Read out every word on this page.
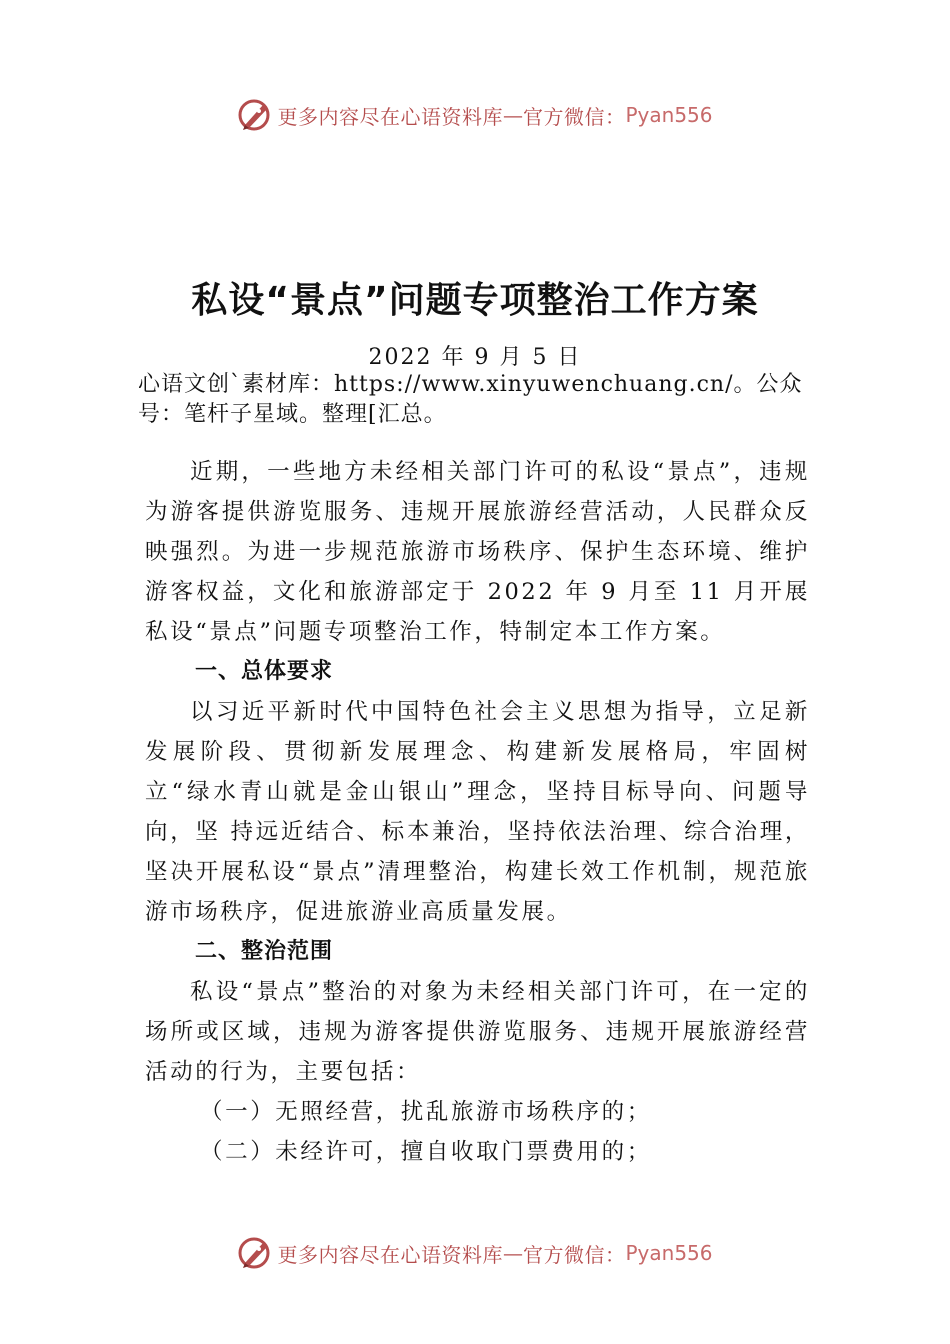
更多内容尽在心语资料库 — 官方微信： Pyan556
私设“景点”问题专项整治工作方案
2022 年 9 月 5 日
心语文创`素材库：https://www.xinyuwenchuang.cn/。公众号：笔杆子星域。整理[汇总。

近期，一些地方未经相关部门许可的私设“景点”，违规为游客提供游览服务、违规开展旅游经营活动，人民群众反映强烈。为进一步规范旅游市场秩序、保护生态环境、维护游客权益，文化和旅游部定于 2022 年 9 月至 11 月开展私设“景点”问题专项整治工作，特制定本工作方案。

一、总体要求

以习近平新时代中国特色社会主义思想为指导，立足新发展阶段、贯彻新发展理念、构建新发展格局，牢固树立“绿水青山就是金山银山”理念，坚持目标导向、问题导向，坚 持远近结合、标本兼治，坚持依法治理、综合治理，坚决开展私设“景点”清理整治，构建长效工作机制，规范旅游市场秩序，促进旅游业高质量发展。

二、整治范围

私设“景点”整治的对象为未经相关部门许可，在一定的场所或区域，违规为游客提供游览服务、违规开展旅游经营活动的行为，主要包括：

（一）无照经营，扰乱旅游市场秩序的；

（二）未经许可，擅自收取门票费用的；

更多内容尽在心语资料库 — 官方微信： Pyan556
